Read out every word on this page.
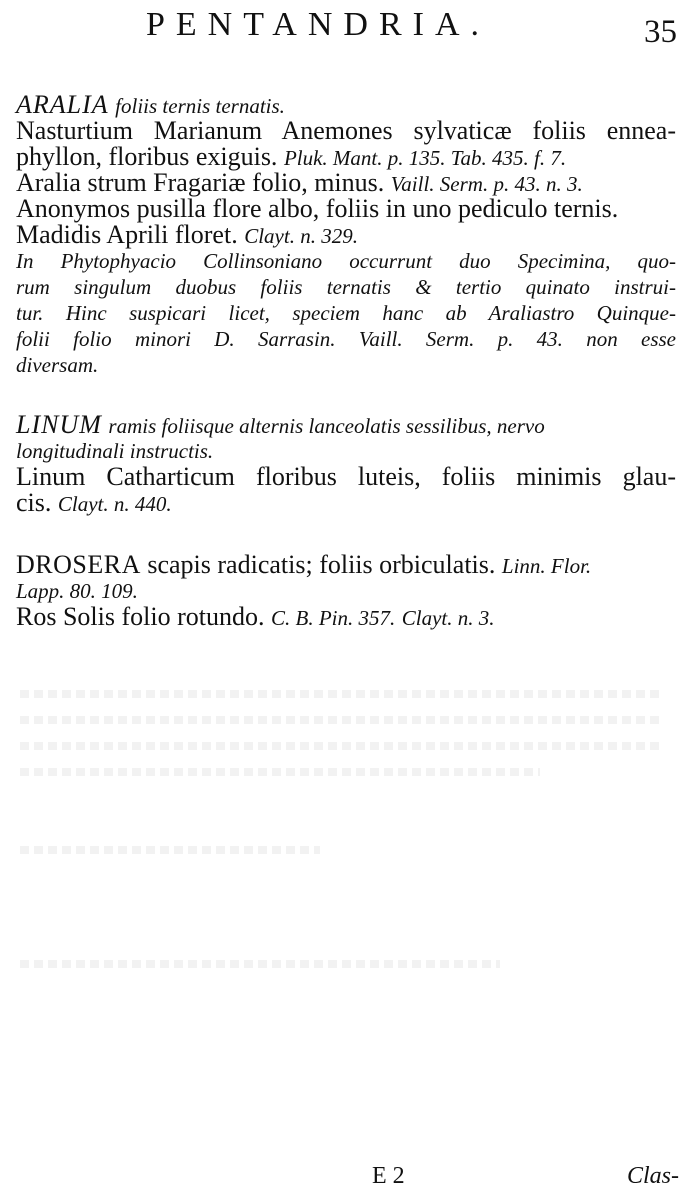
PENTANDRIA.	35
ARALIA foliis ternis ternatis.
Nasturtium Marianum Anemones sylvaticæ foliis ennea-
phyllon, floribus exiguis. Pluk. Mant. p. 135. Tab. 435. f. 7.
Aralia strum Fragariæ folio, minus. Vaill. Serm. p. 43. n. 3.
Anonymos pusilla flore albo, foliis in uno pediculo ternis.
Madidis Aprili floret. Clayt. n. 329.
In Phytophyacio Collinsoniano occurrunt duo Specimina, quo-
rum singulum duobus foliis ternatis & tertio quinato instrui-
tur. Hinc suspicari licet, speciem hanc ab Araliastro Quinque-
folii folio minori D. Sarrasin. Vaill. Serm. p. 43. non esse
diversam.
LINUM ramis foliisque alternis lanceolatis sessilibus, nervo
longitudinali instructis.
Linum Catharticum floribus luteis, foliis minimis glau-
cis. Clayt. n. 440.
DROSERA scapis radicatis; foliis orbiculatis. Linn. Flor.
Lapp. 80. 109.
Ros Solis folio rotundo. C. B. Pin. 357. Clayt. n. 3.
E 2	Clas-
